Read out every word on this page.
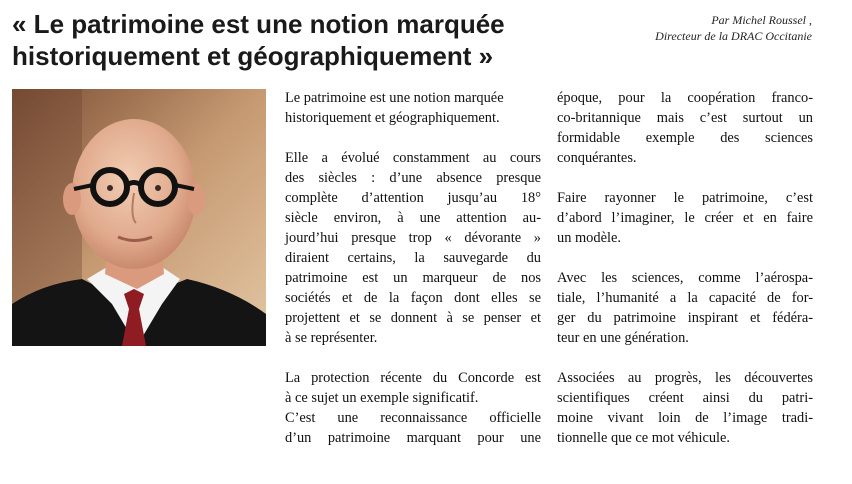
« Le patrimoine est une notion marquée
historiquement et géographiquement »
Par Michel Roussel ,
Directeur de la DRAC Occitanie
Le patrimoine est une notion marquée
historiquement et géographiquement.
Elle a évolué constamment au cours
des siècles : d’une absence presque
complète d’attention jusqu’au 18°
siècle environ, à une attention au-
jourd’hui presque trop « dévorante »
diraient certains, la sauvegarde du
patrimoine est un marqueur de nos
sociétés et de la façon dont elles se
projettent et se donnent à se penser et
à se représenter.
La protection récente du Concorde est
à ce sujet un exemple significatif.
C’est une reconnaissance officielle
d’un patrimoine marquant pour une
époque, pour la coopération franco-
co-britannique mais c’est surtout un
formidable exemple des sciences
conquérantes.
Faire rayonner le patrimoine, c’est
d’abord l’imaginer, le créer et en faire
un modèle.
Avec les sciences, comme l’aérospa-
tiale, l’humanité a la capacité de for-
ger du patrimoine inspirant et fédéra-
teur en une génération.
Associées au progrès, les découvertes
scientifiques créent ainsi du patri-
moine vivant loin de l’image tradi-
tionnelle que ce mot véhicule.
